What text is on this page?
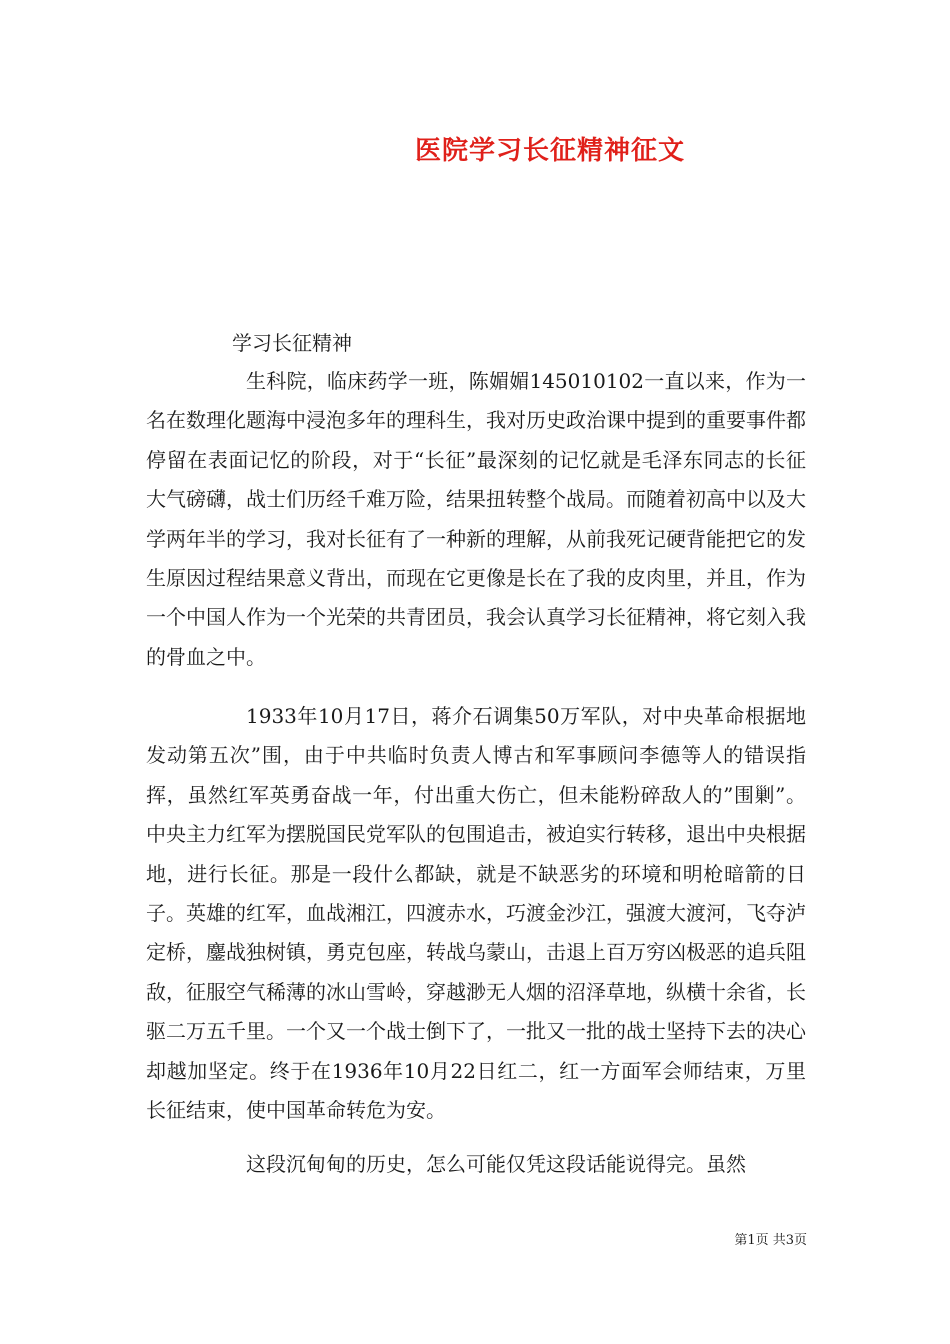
医院学习长征精神征文
学习长征精神

生科院，临床药学一班，陈媚媚145010102一直以来，作为一名在数理化题海中浸泡多年的理科生，我对历史政治课中提到的重要事件都停留在表面记忆的阶段，对于“长征”最深刻的记忆就是毛泽东同志的长征大气磅礴，战士们历经千难万险，结果扭转整个战局。而随着初高中以及大学两年半的学习，我对长征有了一种新的理解，从前我死记硬背能把它的发生原因过程结果意义背出，而现在它更像是长在了我的皮肉里，并且，作为一个中国人作为一个光荣的共青团员，我会认真学习长征精神，将它刻入我的骨血之中。

1933年10月17日，蒋介石调集50万军队，对中央革命根据地发动第五次”围，由于中共临时负责人博古和军事顾问李德等人的错误指挥，虽然红军英勇奋战一年，付出重大伤亡，但未能粉碎敌人的”围剿”。中央主力红军为摆脱国民党军队的包围追击，被迫实行转移，退出中央根据地，进行长征。那是一段什么都缺，就是不缺恶劣的环境和明枪暗箭的日子。英雄的红军，血战湘江，四渡赤水，巧渡金沙江，强渡大渡河，飞夺泸定桥，鏖战独树镇，勇克包座，转战乌蒙山，击退上百万穷凶极恶的追兵阻敌，征服空气稀薄的冰山雪岭，穿越渺无人烟的沼泽草地，纵横十余省，长驱二万五千里。一个又一个战士倒下了，一批又一批的战士坚持下去的决心却越加坚定。终于在1936年10月22日红二，红一方面军会师结束，万里长征结束，使中国革命转危为安。

这段沉甸甸的历史，怎么可能仅凭这段话能说得完。虽然

第1页 共3页
